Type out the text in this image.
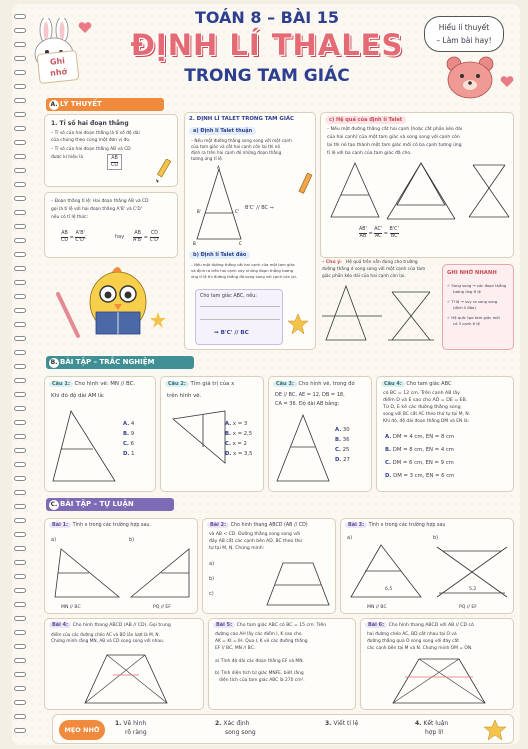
TOÁN 8 – BÀI 15
ĐỊNH LÍ THALES
TRONG TAM GIÁC
Ghi
nhớ
Hiểu lí thuyết
– Làm bài hay!
A. LÝ THUYẾT
1. Tỉ số hai đoạn thẳng
– Tỉ số của hai đoạn thẳng là tỉ số độ dài
của chúng theo cùng một đơn vị đo.
– Tỉ số của hai đoạn thẳng AB và CD
được kí hiệu là	$\frac{AB}{CD}$
– Đoạn thẳng tỉ lệ: Hai đoạn thẳng AB và CD
gọi là tỉ lệ với hai đoạn thẳng A'B' và C'D'
nếu có tỉ lệ thức:
$\frac{AB}{CD} = \frac{A'B'}{C'D'}$ ;	hay $\frac{AB}{A'B'} = \frac{CD}{C'D'}$
2. ĐỊNH LÍ TALET TRONG TAM GIÁC
a) Định lí Talet thuận
– Nếu một đường thẳng song song với một cạnh
của tam giác và cắt hai cạnh còn lại thì nó
định ra trên hai cạnh đó những đoạn thẳng
tương ứng tỉ lệ.
A
B	C
B'	C'
B'C' // BC ⇒
b) Định lí Talet đảo
– Nếu một đường thẳng cắt hai cạnh của một tam giác
và định ra trên hai cạnh này những đoạn thẳng tương
ứng tỉ lệ thì đường thẳng đó song song với cạnh còn lại.
Cho tam giác ABC, nếu:
⇒ B'C' // BC
c) Hệ quả của định lí Talet
– Nếu một đường thẳng cắt hai cạnh (hoặc cắt phần kéo dài
của hai cạnh) của một tam giác và song song với cạnh còn
lại thì nó tạo thành một tam giác mới có ba cạnh tương ứng
tỉ lệ với ba cạnh của tam giác đã cho.
$\frac{AB'}{AB} = \frac{AC'}{AC} = \frac{B'C'}{BC}$
– Chú ý: Hệ quả trên vẫn đúng cho trường
đường thẳng d song song với một cạnh của tam
giác phần kéo dài của hai cạnh còn lại.
GHI NHỚ NHANH
✓ Song song → các đoạn thẳng
tương ứng tỉ lệ
✓ Tỉ lệ → suy ra song song
(định lí đảo)
✓ Hệ quả: tạo tam giác mới
có 3 cạnh tỉ lệ
B. BÀI TẬP – TRẮC NGHIỆM
Câu 1: Cho hình vẽ: MN // BC.
Khi đó độ dài AM là:
A. 4
B. 9
C. 6
D. 1
Câu 2: Tìm giá trị của x
trên hình vẽ.
A. x = 3
B. x = 2,5
C. x = 2
D. x = 3,5
Câu 3: Cho hình vẽ, trong đó
DE // BC, AE = 12, DB = 18,
CA = 36. Độ dài AB bằng:
A. 30
B. 36
C. 25
D. 27
Câu 4: Cho tam giác ABC
có BC = 12 cm. Trên cạnh AB lấy
điểm D và E sao cho AD = DE = EB.
Từ D, E kẻ các đường thẳng song
song với BC cắt AC theo thứ tự tại M, N.
Khi đó, độ dài đoạn thẳng DM và EN là:
A. DM = 4 cm, EN = 8 cm
B. DM = 8 cm, EN = 4 cm
C. DM = 6 cm, EN = 9 cm
D. DM = 3 cm, EN = 6 cm
C. BÀI TẬP – TỰ LUẬN
Bài 1: Tính x trong các trường hợp sau.
a)	b)
MN // BC	PQ // EF
Bài 2: Cho hình thang ABCD (AB // CD)
và AB < CD. Đường thẳng song song với
đáy AB cắt các cạnh bên AD, BC theo thứ
tự tại M, N. Chứng minh:
a)
b)
c)
Bài 3: Tính x trong các trường hợp sau
a)	b)
6,5	5,2
MN // BC	PQ // EF
Bài 4: Cho hình thang ABCD (AB // CD). Gọi trung
điểm của các đường chéo AC và BD lần lượt là M, N.
Chứng minh rằng MN, AB và CD song song với nhau.
Bài 5: Cho tam giác ABC có BC = 15 cm. Trên
đường cao AH lấy các điểm I, K sao cho
AK = KI = IH. Qua I, K vẽ các đường thẳng
EF // BC, MN // BC.
a) Tính độ dài các đoạn thẳng EF và MN.
b) Tính diện tích tứ giác MNFE, biết rằng
diện tích của tam giác ABC là 270 cm².
Bài 6: Cho hình thang ABCD với AB // CD có
hai đường chéo AC, BD cắt nhau tại O và
đường thẳng qua O song song với đáy cắt
các cạnh bên tại M và N. Chứng minh OM = ON.
MẸO NHỚ
1. Vẽ hình
rõ ràng
2. Xác định
song song
3. Viết tỉ lệ	4. Kết luận
hợp lí!
